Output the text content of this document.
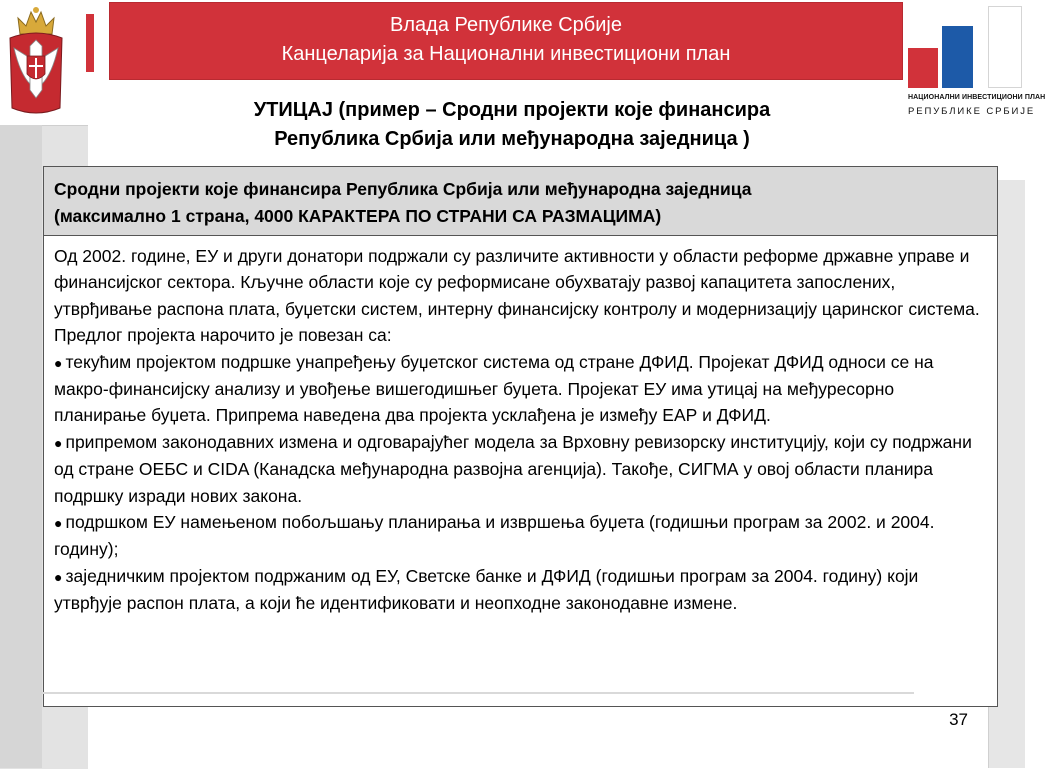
Влада Републике Србије
Канцеларија за Национални инвестициони план
НАЦИОНАЛНИ ИНВЕСТИЦИОНИ ПЛАН
РЕПУБЛИКЕ СРБИЈЕ
УТИЦАЈ (пример – Сродни пројекти које финансира
Република Србија или међународна заједница )
Сродни пројекти које финансира Република Србија или међународна заједница
(максимално 1 страна, 4000 КАРАКТЕРА ПО СТРАНИ СА РАЗМАЦИМА)

Од 2002. године, ЕУ и други донатори подржали су различите активности у области реформе државне управе и финансијског сектора. Кључне области које су реформисане обухватају развој капацитета запослених, утврђивање распона плата, буџетски систем, интерну финансијску контролу и модернизацију царинског система. Предлог пројекта нарочито је повезан са:

● текућим пројектом подршке унапређењу буџетског система од стране ДФИД. Пројекат ДФИД односи се на макро-финансијску анализу и увођење вишегодишњег буџета. Пројекат ЕУ има утицај на међуресорно планирање буџета. Припрема наведена два пројекта усклађена је између ЕАР и ДФИД.

● припремом законодавних измена и одговарајућег модела за Врховну ревизорску институцију, који су подржани од стране ОЕБС и CIDA (Канадска међународна развојна агенција). Такође, СИГМА у овој области планира подршку изради нових закона.

● подршком ЕУ намењеном побољшању планирања и извршења буџета (годишњи програм за 2002. и 2004. годину);

● заједничким пројектом подржаним од ЕУ, Светске банке и ДФИД (годишњи програм за 2004. годину) који утврђује распон плата, а који ће идентификовати и неопходне законодавне измене.

37
